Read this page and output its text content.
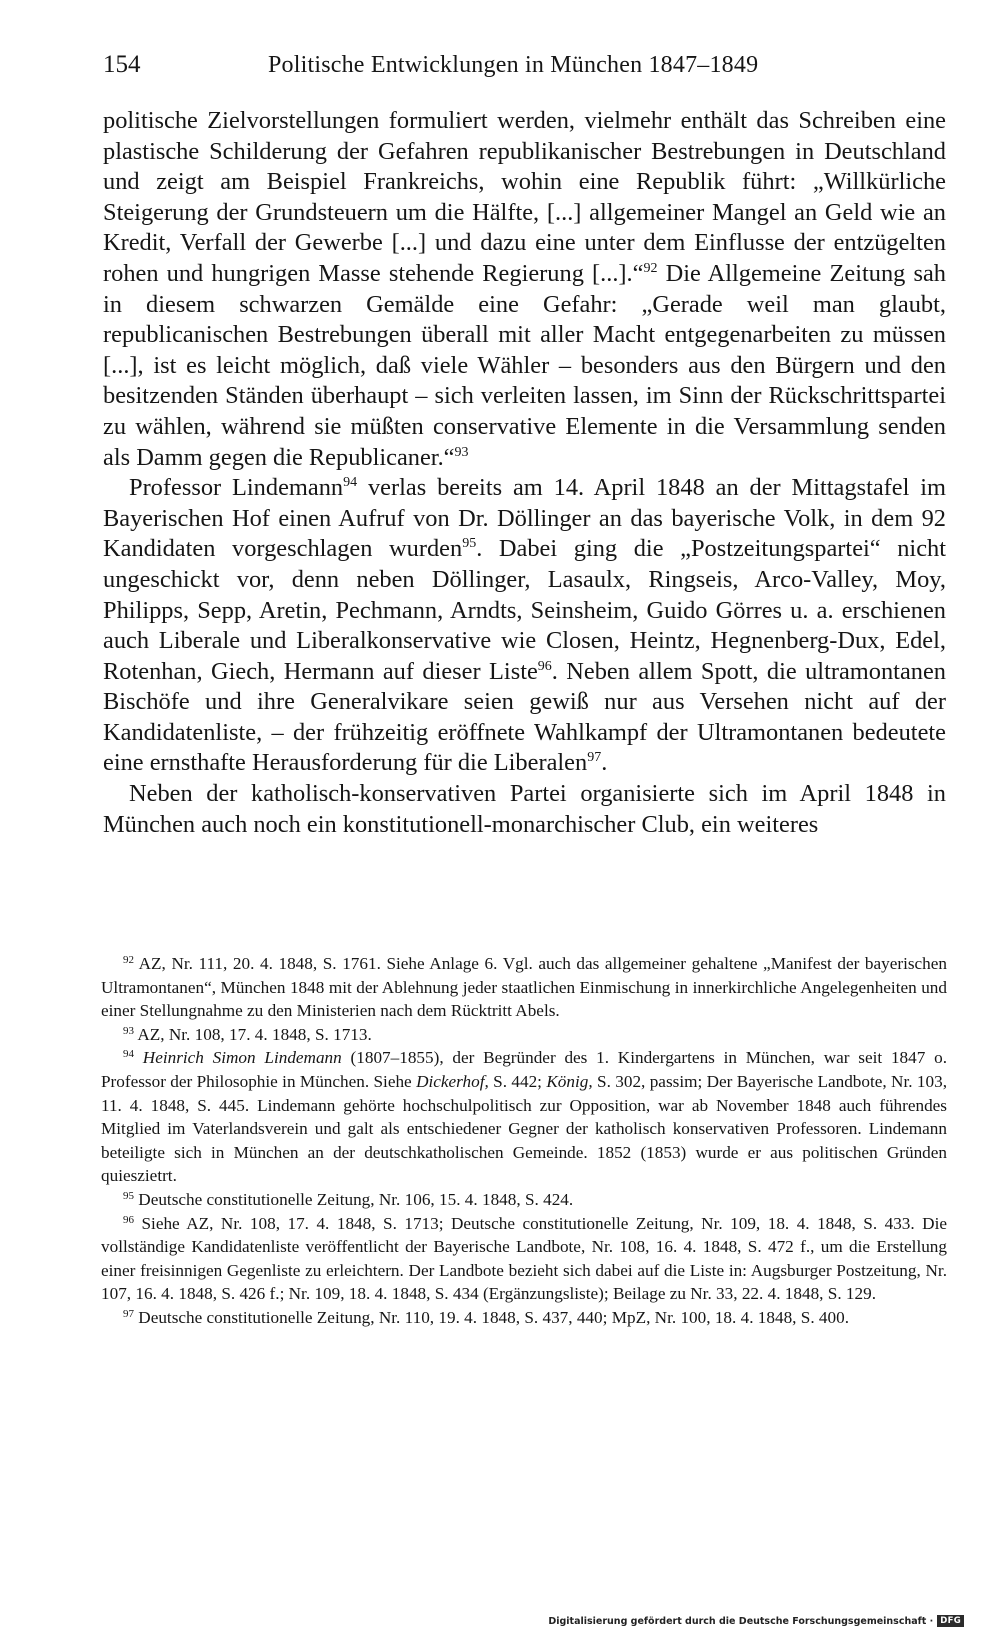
154	Politische Entwicklungen in München 1847–1849

politische Zielvorstellungen formuliert werden, vielmehr enthält das Schreiben eine plastische Schilderung der Gefahren republikanischer Bestrebungen in Deutschland und zeigt am Beispiel Frankreichs, wohin eine Republik führt: „Willkürliche Steigerung der Grundsteuern um die Hälfte, [...] allgemeiner Mangel an Geld wie an Kredit, Verfall der Gewerbe [...] und dazu eine unter dem Einflusse der entzügelten rohen und hungrigen Masse stehende Regierung [...].“$^{92}$ Die Allgemeine Zeitung sah in diesem schwarzen Gemälde eine Gefahr: „Gerade weil man glaubt, republicanischen Bestrebungen überall mit aller Macht entgegenarbeiten zu müssen [...], ist es leicht möglich, daß viele Wähler – besonders aus den Bürgern und den besitzenden Ständen überhaupt – sich verleiten lassen, im Sinn der Rückschrittspartei zu wählen, während sie müßten conservative Elemente in die Versammlung senden als Damm gegen die Republicaner.“$^{93}$

Professor Lindemann$^{94}$ verlas bereits am 14. April 1848 an der Mittagstafel im Bayerischen Hof einen Aufruf von Dr. Döllinger an das bayerische Volk, in dem 92 Kandidaten vorgeschlagen wurden$^{95}$. Dabei ging die „Postzeitungspartei“ nicht ungeschickt vor, denn neben Döllinger, Lasaulx, Ringseis, Arco-Valley, Moy, Philipps, Sepp, Aretin, Pechmann, Arndts, Seinsheim, Guido Görres u. a. erschienen auch Liberale und Liberalkonservative wie Closen, Heintz, Hegnenberg-Dux, Edel, Rotenhan, Giech, Hermann auf dieser Liste$^{96}$. Neben allem Spott, die ultramontanen Bischöfe und ihre Generalvikare seien gewiß nur aus Versehen nicht auf der Kandidatenliste, – der frühzeitig eröffnete Wahlkampf der Ultramontanen bedeutete eine ernsthafte Herausforderung für die Liberalen$^{97}$.

Neben der katholisch-konservativen Partei organisierte sich im April 1848 in München auch noch ein konstitutionell-monarchischer Club, ein weiteres

$^{92}$ AZ, Nr. 111, 20. 4. 1848, S. 1761. Siehe Anlage 6. Vgl. auch das allgemeiner gehaltene „Manifest der bayerischen Ultramontanen“, München 1848 mit der Ablehnung jeder staatlichen Einmischung in innerkirchliche Angelegenheiten und einer Stellungnahme zu den Ministerien nach dem Rücktritt Abels.

$^{93}$ AZ, Nr. 108, 17. 4. 1848, S. 1713.

$^{94}$ Heinrich Simon Lindemann (1807–1855), der Begründer des 1. Kindergartens in München, war seit 1847 o. Professor der Philosophie in München. Siehe Dickerhof, S. 442; König, S. 302, passim; Der Bayerische Landbote, Nr. 103, 11. 4. 1848, S. 445. Lindemann gehörte hochschulpolitisch zur Opposition, war ab November 1848 auch führendes Mitglied im Vaterlandsverein und galt als entschiedener Gegner der katholisch konservativen Professoren. Lindemann beteiligte sich in München an der deutschkatholischen Gemeinde. 1852 (1853) wurde er aus politischen Gründen quieszietrt.

$^{95}$ Deutsche constitutionelle Zeitung, Nr. 106, 15. 4. 1848, S. 424.

$^{96}$ Siehe AZ, Nr. 108, 17. 4. 1848, S. 1713; Deutsche constitutionelle Zeitung, Nr. 109, 18. 4. 1848, S. 433. Die vollständige Kandidatenliste veröffentlicht der Bayerische Landbote, Nr. 108, 16. 4. 1848, S. 472 f., um die Erstellung einer freisinnigen Gegenliste zu erleichtern. Der Landbote bezieht sich dabei auf die Liste in: Augsburger Postzeitung, Nr. 107, 16. 4. 1848, S. 426 f.; Nr. 109, 18. 4. 1848, S. 434 (Ergänzungsliste); Beilage zu Nr. 33, 22. 4. 1848, S. 129.

$^{97}$ Deutsche constitutionelle Zeitung, Nr. 110, 19. 4. 1848, S. 437, 440; MpZ, Nr. 100, 18. 4. 1848, S. 400.

Digitalisierung gefördert durch die Deutsche Forschungsgemeinschaft · DFG
